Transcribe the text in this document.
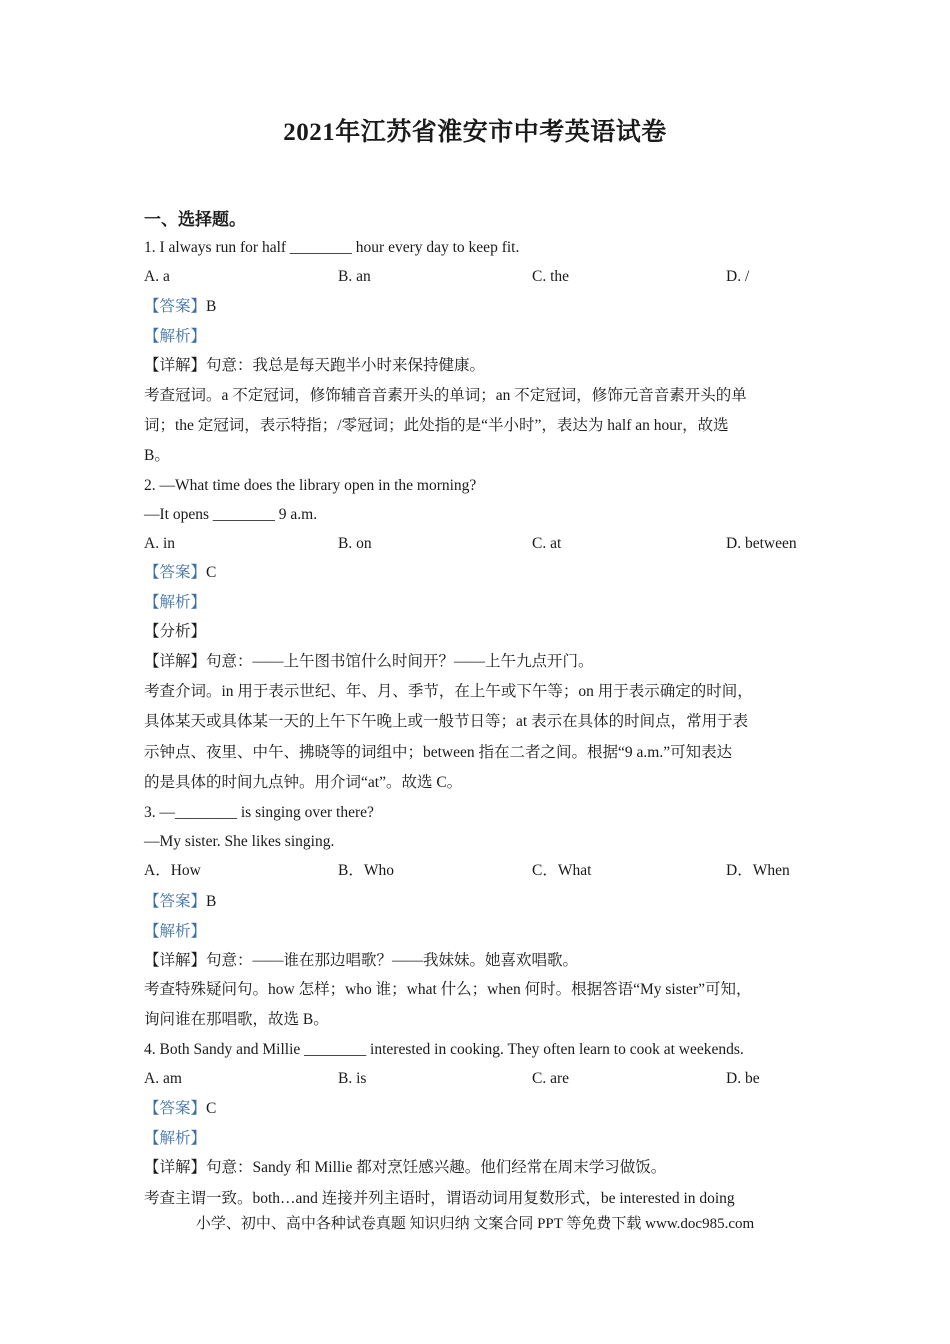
2021年江苏省淮安市中考英语试卷
一、选择题。
1. I always run for half ________ hour every day to keep fit.
A. a	B. an	C. the	D. /
【答案】B
【解析】
【详解】句意：我总是每天跑半小时来保持健康。
考查冠词。a 不定冠词，修饰辅音音素开头的单词；an 不定冠词，修饰元音音素开头的单
词；the 定冠词，表示特指；/零冠词；此处指的是“半小时”，表达为 half an hour，故选
B。
2. —What time does the library open in the morning?
—It opens ________ 9 a.m.
A. in	B. on	C. at	D. between
【答案】C
【解析】
【分析】
【详解】句意：——上午图书馆什么时间开？——上午九点开门。
考查介词。in 用于表示世纪、年、月、季节，在上午或下午等；on 用于表示确定的时间，
具体某天或具体某一天的上午下午晚上或一般节日等；at 表示在具体的时间点，常用于表
示钟点、夜里、中午、拂晓等的词组中；between 指在二者之间。根据“9 a.m.”可知表达
的是具体的时间九点钟。用介词“at”。故选 C。
3. —________ is singing over there?
—My sister. She likes singing.
A．How	B．Who	C．What	D．When
【答案】B
【解析】
【详解】句意：——谁在那边唱歌？——我妹妹。她喜欢唱歌。
考查特殊疑问句。how 怎样；who 谁；what 什么；when 何时。根据答语“My sister”可知，
询问谁在那唱歌，故选 B。
4. Both Sandy and Millie ________ interested in cooking. They often learn to cook at weekends.
A. am	B. is	C. are	D. be
【答案】C
【解析】
【详解】句意：Sandy 和 Millie 都对烹饪感兴趣。他们经常在周末学习做饭。
考查主谓一致。both…and 连接并列主语时，谓语动词用复数形式，be interested in doing
小学、初中、高中各种试卷真题 知识归纳 文案合同 PPT 等免费下载 www.doc985.com
